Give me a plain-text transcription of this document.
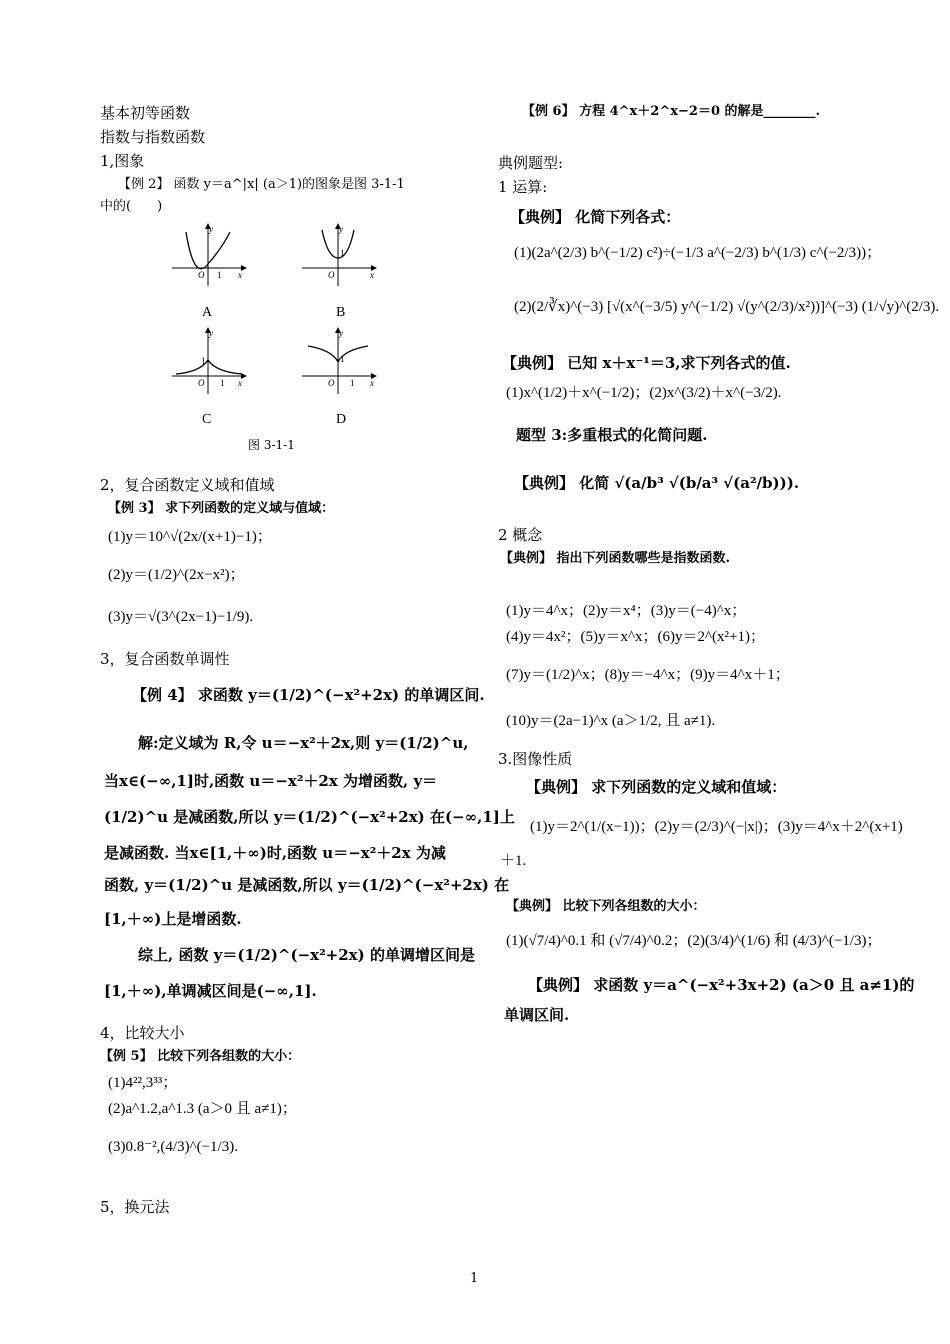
基本初等函数
指数与指数函数
1,图象
【例 2】 函数 y＝a^|x| (a＞1)的图象是图 3-1-1
中的(　　)
y
O 1 x
y
1
O	x
y
1
O 1 x
y
1
O 1 x
A	B
C	D
图 3-1-1
2，复合函数定义域和值域
【例 3】 求下列函数的定义域与值域：
(1)y＝10^√(2x/(x+1)−1)；
(2)y＝(1/2)^(2x−x²)；
(3)y＝√(3^(2x−1)−1/9).
3，复合函数单调性
【例 4】 求函数 y＝(1/2)^(−x²+2x) 的单调区间.
解:定义域为 R,令 u＝−x²＋2x,则 y＝(1/2)^u,
当x∈(−∞,1]时,函数 u＝−x²＋2x 为增函数, y＝
(1/2)^u 是减函数,所以 y＝(1/2)^(−x²+2x) 在(−∞,1]上
是减函数. 当x∈[1,＋∞)时,函数 u＝−x²＋2x 为减
函数, y＝(1/2)^u 是减函数,所以 y＝(1/2)^(−x²+2x) 在
[1,＋∞)上是增函数.
综上, 函数 y＝(1/2)^(−x²+2x) 的单调增区间是
[1,＋∞),单调减区间是(−∞,1].
4，比较大小
【例 5】 比较下列各组数的大小：
(1)4²²,3³³；
(2)a^1.2,a^1.3 (a＞0 且 a≠1)；
(3)0.8⁻²,(4/3)^(−1/3).
5，换元法
【例 6】 方程 4^x＋2^x−2＝0 的解是________.
典例题型:
1 运算:
【典例】 化简下列各式：
(1)(2a^(2/3) b^(−1/2) c²)÷(−1/3 a^(−2/3) b^(1/3) c^(−2/3))；
(2)(2/∛x)^(−3) [√(x^(−3/5) y^(−1/2) √(y^(2/3)/x²))]^(−3) (1/√y)^(2/3).
【典例】 已知 x＋x⁻¹＝3,求下列各式的值.
(1)x^(1/2)＋x^(−1/2)；(2)x^(3/2)＋x^(−3/2).
题型 3:多重根式的化简问题.
【典例】 化简 √(a/b³ √(b/a³ √(a²/b))).
2 概念
【典例】 指出下列函数哪些是指数函数.
(1)y＝4^x；(2)y＝x⁴；(3)y＝(−4)^x；
(4)y＝4x²；(5)y＝x^x；(6)y＝2^(x²+1)；
(7)y＝(1/2)^x；(8)y＝−4^x；(9)y＝4^x＋1；
(10)y＝(2a−1)^x (a＞1/2, 且 a≠1).
3.图像性质
【典例】 求下列函数的定义域和值域：
(1)y＝2^(1/(x−1))；(2)y＝(2/3)^(−|x|)；(3)y＝4^x＋2^(x+1)
＋1.
【典例】 比较下列各组数的大小：
(1)(√7/4)^0.1 和 (√7/4)^0.2；(2)(3/4)^(1/6) 和 (4/3)^(−1/3)；
【典例】 求函数 y＝a^(−x²+3x+2) (a＞0 且 a≠1)的
单调区间.
1
